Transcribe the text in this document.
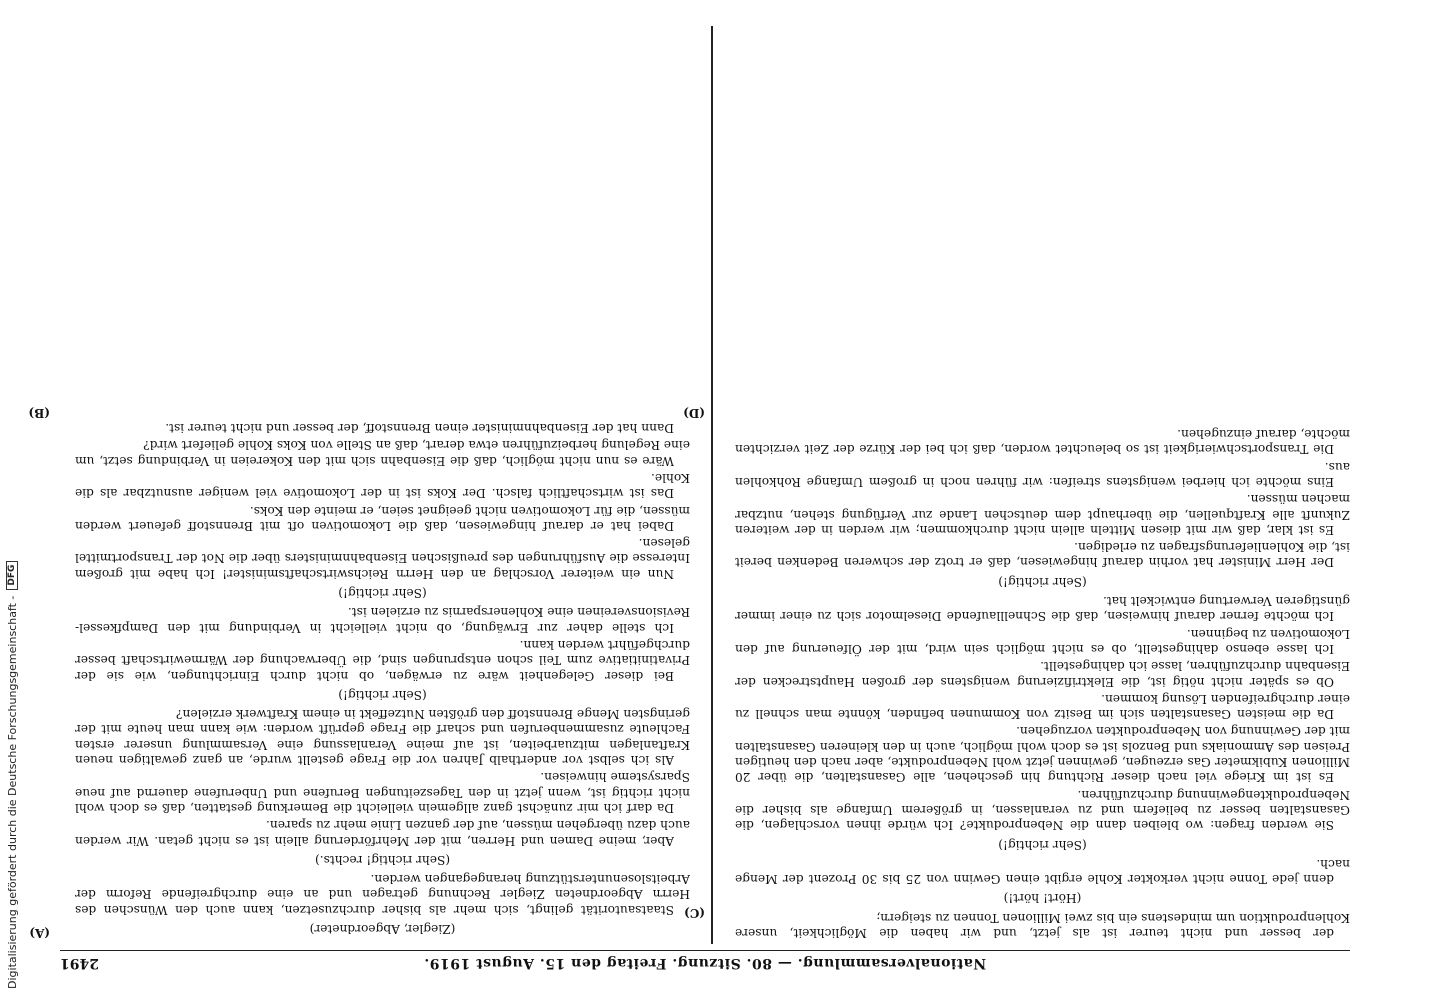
Digitalisierung gefördert durch die Deutsche Forschungsgemeinschaft -
DFG
Nationalversammlung. — 80. Sitzung. Freitag den 15. August 1919.
2491
(C)
(D)
(A)
(B)

der besser und nicht teurer ist als jetzt, und wir haben die Möglichkeit, unsere Kohlenproduktion um mindestens ein bis zwei Millionen Tonnen zu steigern;

(Hört! hört!)

denn jede Tonne nicht verkokter Kohle ergibt einen Gewinn von 25 bis 30 Prozent der Menge nach.

(Sehr richtig!)

Sie werden fragen: wo bleiben dann die Nebenprodukte? Ich würde ihnen vorschlagen, die Gasanstalten besser zu beliefern und zu veranlassen, in größerem Umfange als bisher die Nebenproduktengewinnung durchzuführen.

Es ist im Kriege viel nach dieser Richtung hin geschehen, alle Gasanstalten, die über 20 Millionen Kubikmeter Gas erzeugen, gewinnen jetzt wohl Nebenprodukte, aber nach den heutigen Preisen des Ammoniaks und Benzols ist es doch wohl möglich, auch in den kleineren Gasanstalten mit der Gewinnung von Nebenprodukten vorzugehen.

Da die meisten Gasanstalten sich im Besitz von Kommunen befinden, könnte man schnell zu einer durchgreifenden Lösung kommen.

Ob es später nicht nötig ist, die Elektrifizierung wenigstens der großen Hauptstrecken der Eisenbahn durchzuführen, lasse ich dahingestellt.

Ich lasse ebenso dahingestellt, ob es nicht möglich sein wird, mit der Ölfeuerung auf den Lokomotiven zu beginnen.

Ich möchte ferner darauf hinweisen, daß die Schnelllaufende Dieselmotor sich zu einer immer günstigeren Verwertung entwickelt hat.

(Sehr richtig!)

Der Herr Minister hat vorhin darauf hingewiesen, daß er trotz der schweren Bedenken bereit ist, die Kohlenlieferungsfragen zu erledigen.

Es ist klar, daß wir mit diesen Mitteln allein nicht durchkommen; wir werden in der weiteren Zukunft alle Kraftquellen, die überhaupt dem deutschen Lande zur Verfügung stehen, nutzbar machen müssen.

Eins möchte ich hierbei wenigstens streifen: wir führen noch in großem Umfange Rohkohlen aus.

Die Transportschwierigkeit ist so beleuchtet worden, daß ich bei der Kürze der Zeit verzichten möchte, darauf einzugehen.

(Ziegler, Abgeordneter)

Staatsautorität gelingt, sich mehr als bisher durchzusetzen, kann auch den Wünschen des Herrn Abgeordneten Ziegler Rechnung getragen und an eine durchgreifende Reform der Arbeitslosenunterstützung herangegangen werden.

(Sehr richtig! rechts.)

Aber, meine Damen und Herren, mit der Mehrförderung allein ist es nicht getan. Wir werden auch dazu übergehen müssen, auf der ganzen Linie mehr zu sparen.

Da darf ich mir zunächst ganz allgemein vielleicht die Bemerkung gestatten, daß es doch wohl nicht richtig ist, wenn jetzt in den Tageszeitungen Berufene und Unberufene dauernd auf neue Sparsysteme hinweisen.

Als ich selbst vor anderthalb Jahren vor die Frage gestellt wurde, an ganz gewaltigen neuen Kraftanlagen mitzuarbeiten, ist auf meine Veranlassung eine Versammlung unserer ersten Fachleute zusammenberufen und scharf die Frage geprüft worden: wie kann man heute mit der geringsten Menge Brennstoff den größten Nutzeffekt in einem Kraftwerk erzielen?

(Sehr richtig!)

Bei dieser Gelegenheit wäre zu erwägen, ob nicht durch Einrichtungen, wie sie der Privatinitiative zum Teil schon entsprungen sind, die Überwachung der Wärmewirtschaft besser durchgeführt werden kann.

Ich stelle daher zur Erwägung, ob nicht vielleicht in Verbindung mit den Dampfkessel-Revisionsvereinen eine Kohlenersparnis zu erzielen ist.

(Sehr richtig!)

Nun ein weiterer Vorschlag an den Herrn Reichswirtschaftsminister! Ich habe mit großem Interesse die Ausführungen des preußischen Eisenbahnministers über die Not der Transportmittel gelesen.

Dabei hat er darauf hingewiesen, daß die Lokomotiven oft mit Brennstoff gefeuert werden müssen, die für Lokomotiven nicht geeignet seien, er meinte den Koks.

Das ist wirtschaftlich falsch. Der Koks ist in der Lokomotive viel weniger ausnutzbar als die Kohle.

Wäre es nun nicht möglich, daß die Eisenbahn sich mit den Kokereien in Verbindung setzt, um eine Regelung herbeizuführen etwa derart, daß an Stelle von Koks Kohle geliefert wird?

Dann hat der Eisenbahnminister einen Brennstoff, der besser und nicht teurer ist.
